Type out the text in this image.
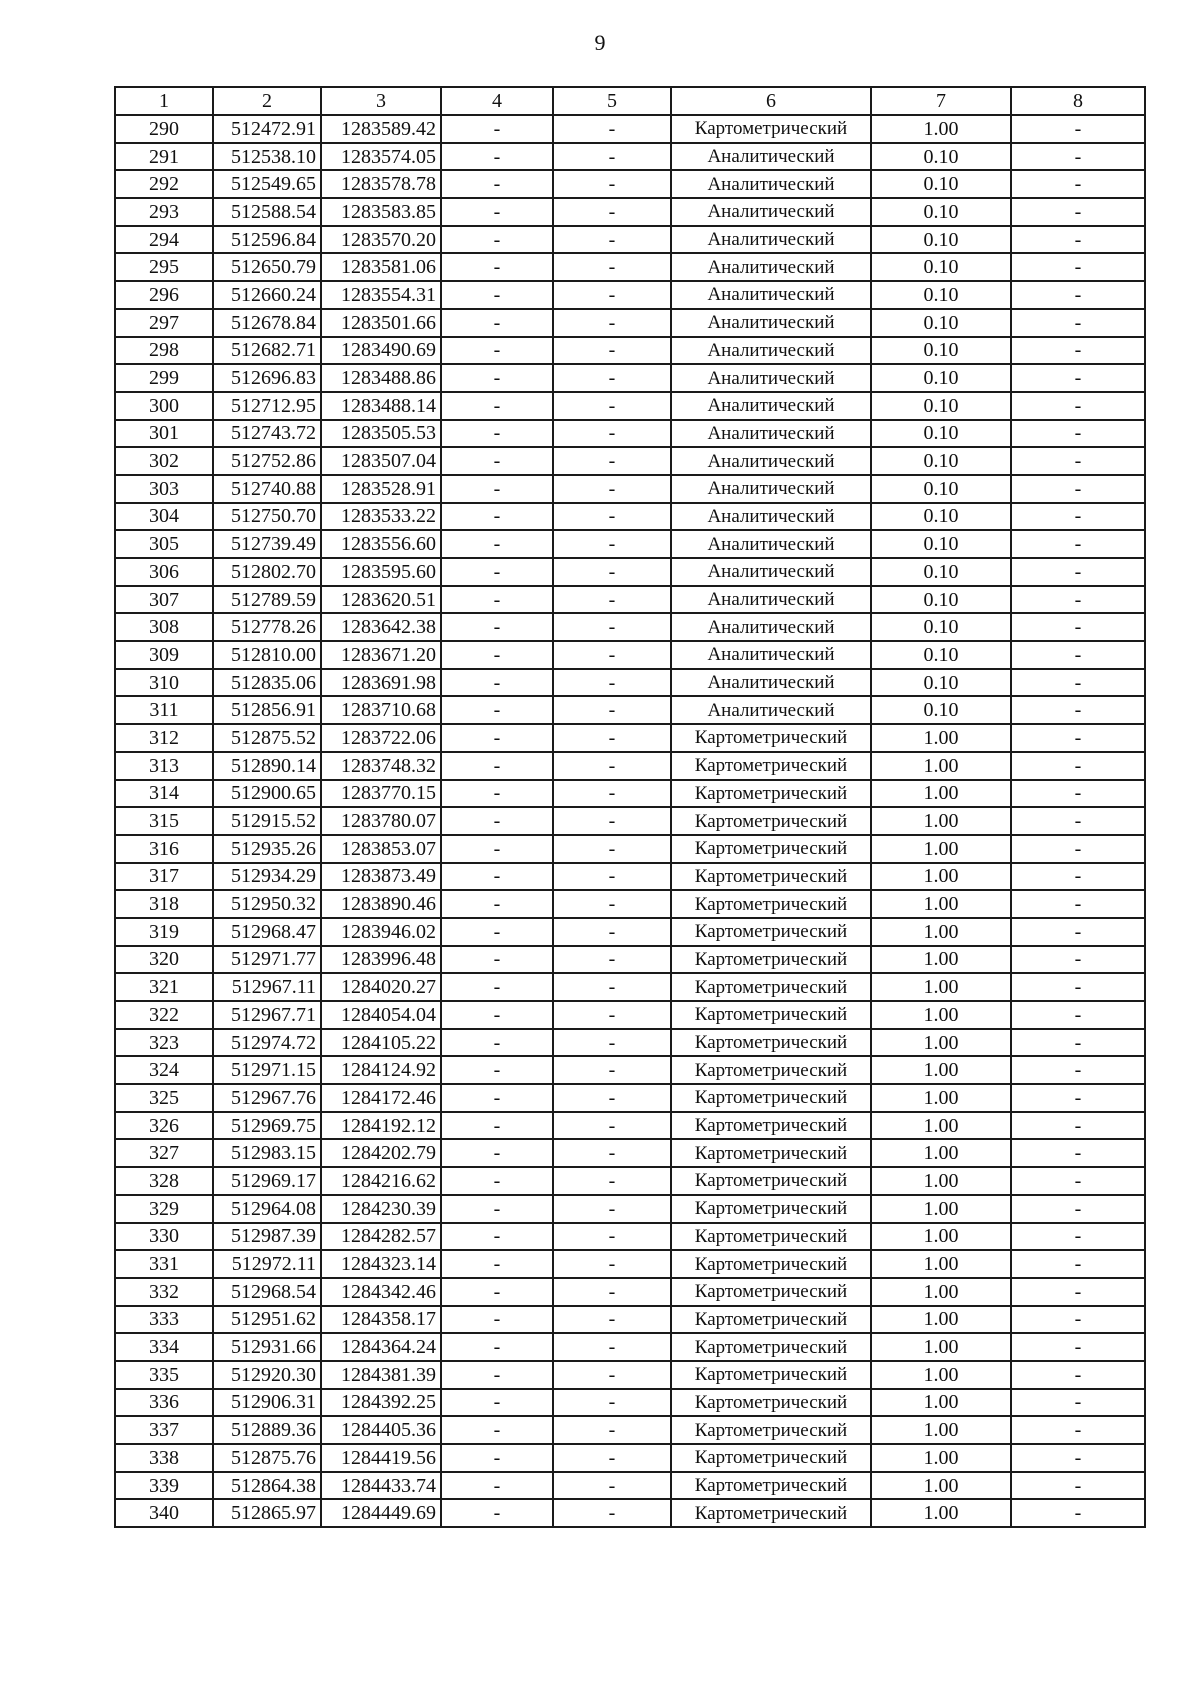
9
1	2	3	4	5	6	7	8
290	512472.91	1283589.42	-	-	Картометрический	1.00	-
291	512538.10	1283574.05	-	-	Аналитический	0.10	-
292	512549.65	1283578.78	-	-	Аналитический	0.10	-
293	512588.54	1283583.85	-	-	Аналитический	0.10	-
294	512596.84	1283570.20	-	-	Аналитический	0.10	-
295	512650.79	1283581.06	-	-	Аналитический	0.10	-
296	512660.24	1283554.31	-	-	Аналитический	0.10	-
297	512678.84	1283501.66	-	-	Аналитический	0.10	-
298	512682.71	1283490.69	-	-	Аналитический	0.10	-
299	512696.83	1283488.86	-	-	Аналитический	0.10	-
300	512712.95	1283488.14	-	-	Аналитический	0.10	-
301	512743.72	1283505.53	-	-	Аналитический	0.10	-
302	512752.86	1283507.04	-	-	Аналитический	0.10	-
303	512740.88	1283528.91	-	-	Аналитический	0.10	-
304	512750.70	1283533.22	-	-	Аналитический	0.10	-
305	512739.49	1283556.60	-	-	Аналитический	0.10	-
306	512802.70	1283595.60	-	-	Аналитический	0.10	-
307	512789.59	1283620.51	-	-	Аналитический	0.10	-
308	512778.26	1283642.38	-	-	Аналитический	0.10	-
309	512810.00	1283671.20	-	-	Аналитический	0.10	-
310	512835.06	1283691.98	-	-	Аналитический	0.10	-
311	512856.91	1283710.68	-	-	Аналитический	0.10	-
312	512875.52	1283722.06	-	-	Картометрический	1.00	-
313	512890.14	1283748.32	-	-	Картометрический	1.00	-
314	512900.65	1283770.15	-	-	Картометрический	1.00	-
315	512915.52	1283780.07	-	-	Картометрический	1.00	-
316	512935.26	1283853.07	-	-	Картометрический	1.00	-
317	512934.29	1283873.49	-	-	Картометрический	1.00	-
318	512950.32	1283890.46	-	-	Картометрический	1.00	-
319	512968.47	1283946.02	-	-	Картометрический	1.00	-
320	512971.77	1283996.48	-	-	Картометрический	1.00	-
321	512967.11	1284020.27	-	-	Картометрический	1.00	-
322	512967.71	1284054.04	-	-	Картометрический	1.00	-
323	512974.72	1284105.22	-	-	Картометрический	1.00	-
324	512971.15	1284124.92	-	-	Картометрический	1.00	-
325	512967.76	1284172.46	-	-	Картометрический	1.00	-
326	512969.75	1284192.12	-	-	Картометрический	1.00	-
327	512983.15	1284202.79	-	-	Картометрический	1.00	-
328	512969.17	1284216.62	-	-	Картометрический	1.00	-
329	512964.08	1284230.39	-	-	Картометрический	1.00	-
330	512987.39	1284282.57	-	-	Картометрический	1.00	-
331	512972.11	1284323.14	-	-	Картометрический	1.00	-
332	512968.54	1284342.46	-	-	Картометрический	1.00	-
333	512951.62	1284358.17	-	-	Картометрический	1.00	-
334	512931.66	1284364.24	-	-	Картометрический	1.00	-
335	512920.30	1284381.39	-	-	Картометрический	1.00	-
336	512906.31	1284392.25	-	-	Картометрический	1.00	-
337	512889.36	1284405.36	-	-	Картометрический	1.00	-
338	512875.76	1284419.56	-	-	Картометрический	1.00	-
339	512864.38	1284433.74	-	-	Картометрический	1.00	-
340	512865.97	1284449.69	-	-	Картометрический	1.00	-
